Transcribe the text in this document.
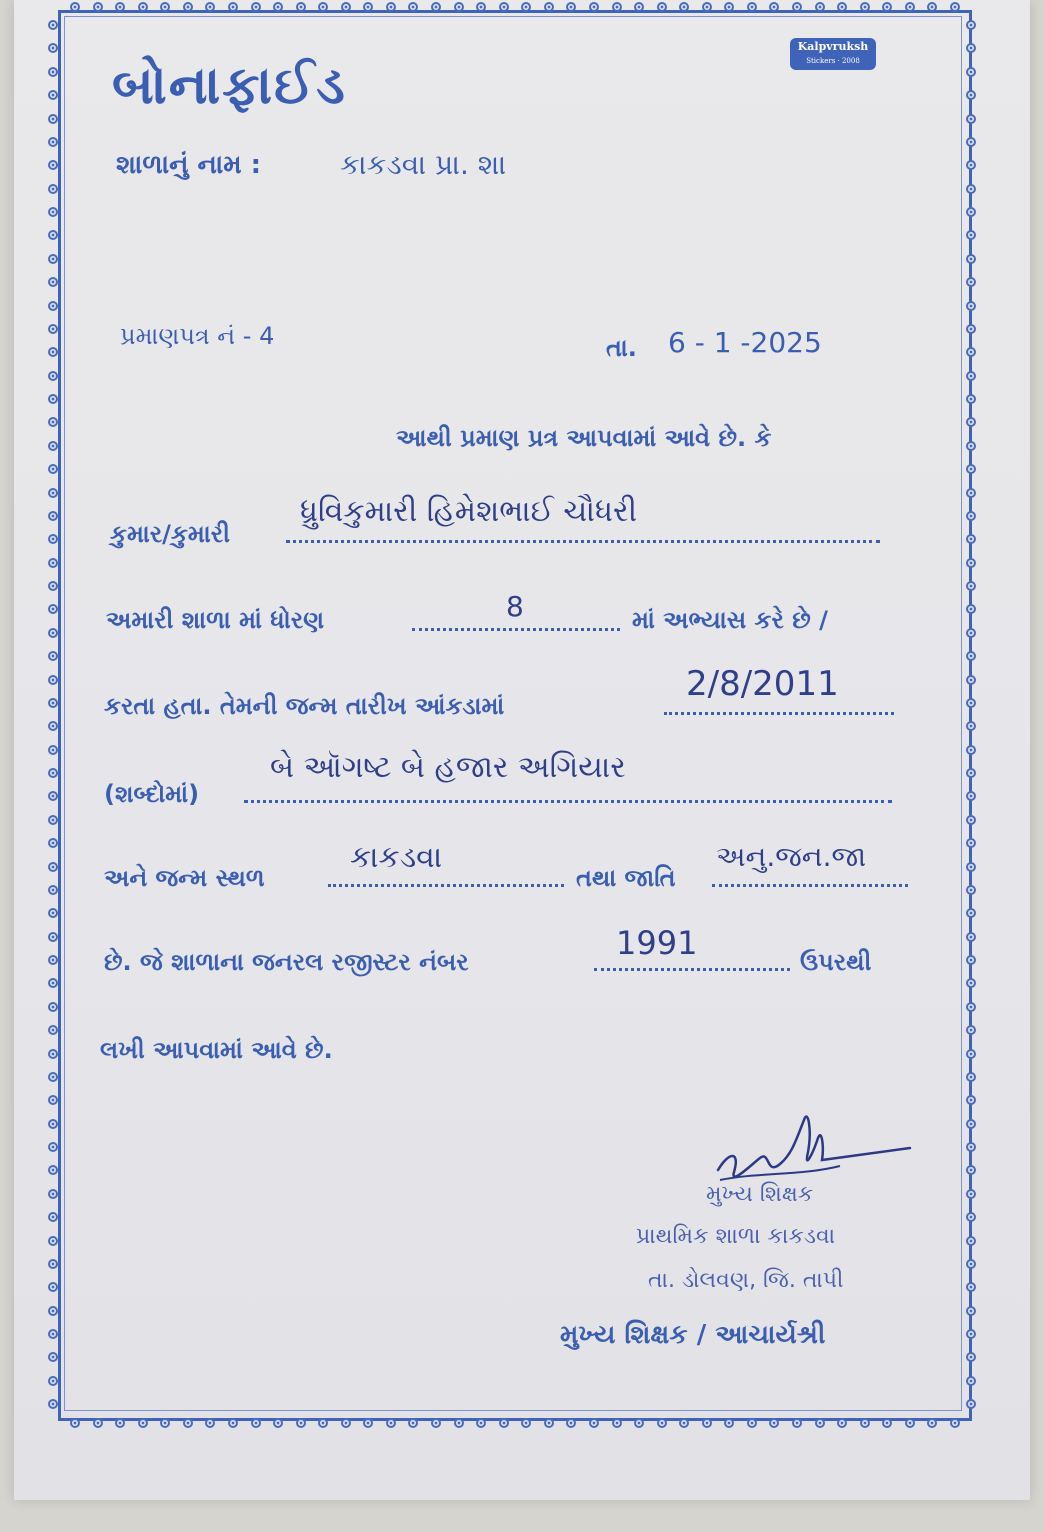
Kalpvruksh
Stickers · 2008
બોનાફાઈડ
શાળાનું નામ :	કાકડવા પ્રા. શા
પ્રમાણપત્ર નં - 4	તા. 6 - 1 -2025
આથી પ્રમાણ પ્રત્ર આપવામાં આવે છે. કે
કુમાર/કુમારી
ધ્રુવિકુમારી હિમેશભાઈ ચૌધરી
અમારી શાળા માં ધોરણ	8	માં અભ્યાસ કરે છે /
કરતા હતા. તેમની જન્મ તારીખ આંકડામાં
2/8/2011
(શબ્દોમાં)
બે ઑગષ્ટ બે હજાર અગિયાર
અને જન્મ સ્થળ
કાકડવા
તથા જાતિ
અનુ.જન.જા
છે. જે શાળાના જનરલ રજીસ્ટર નંબર	1991	ઉપરથી
લખી આપવામાં આવે છે.
મુખ્ય શિક્ષક
પ્રાથમિક શાળા કાકડવા
તા. ડોલવણ, જિ. તાપી
મુખ્ય શિક્ષક / આચાર્યશ્રી
